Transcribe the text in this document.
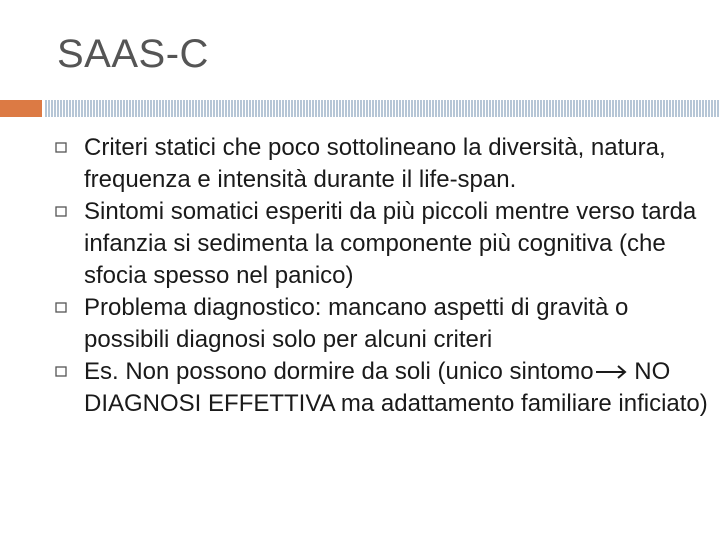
SAAS-C
Criteri statici che poco sottolineano la diversità, natura, frequenza e intensità durante il life-span.
Sintomi somatici esperiti da più piccoli mentre verso tarda infanzia si sedimenta la componente più cognitiva (che sfocia spesso nel panico)
Problema diagnostico: mancano aspetti di gravità o possibili diagnosi solo per alcuni criteri
Es. Non possono dormire da soli (unico sintomo NO DIAGNOSI EFFETTIVA ma adattamento familiare inficiato)
